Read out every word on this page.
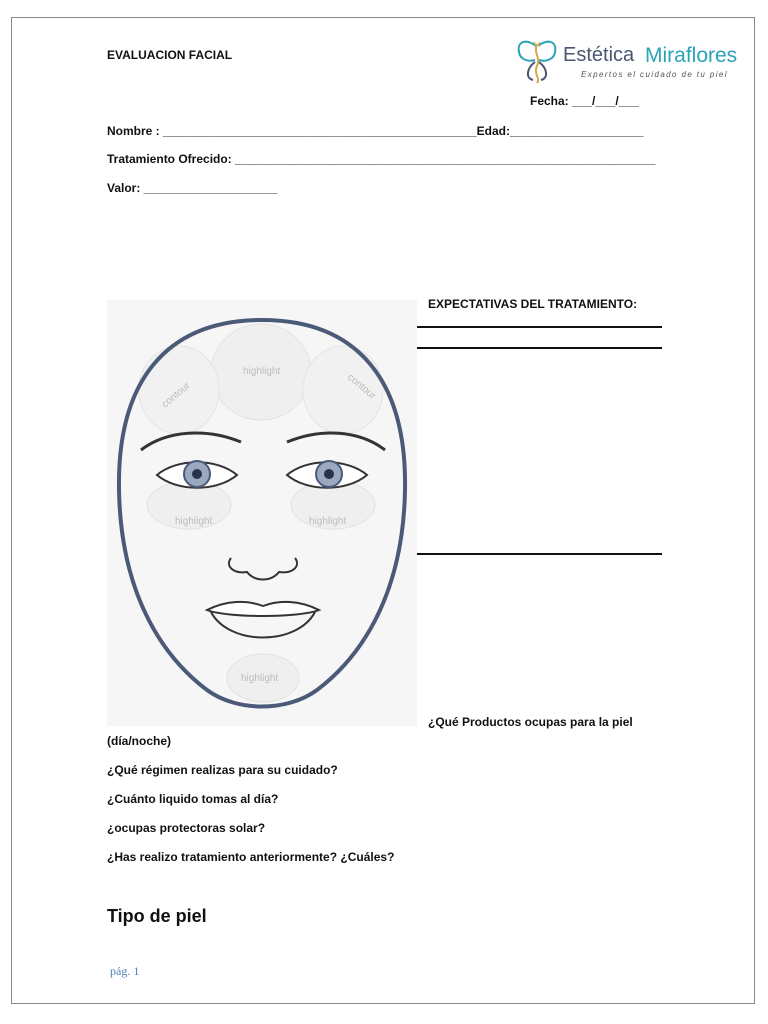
EVALUACION FACIAL	Estética Miraflores
Expertos el cuidado de tu piel
Fecha: ___/___/___
Nombre : _______________________________________________Edad:____________________
Tratamiento Ofrecido: _______________________________________________________________
Valor: ____________________
highlight
contour	contour
highlight	highlight
highlight
EXPECTATIVAS DEL TRATAMIENTO:
¿Qué Productos ocupas para la piel
(día/noche)
¿Qué régimen realizas para su cuidado?
¿Cuánto liquido tomas al día?
¿ocupas protectoras solar?
¿Has realizo tratamiento anteriormente? ¿Cuáles?
Tipo de piel
pág. 1
